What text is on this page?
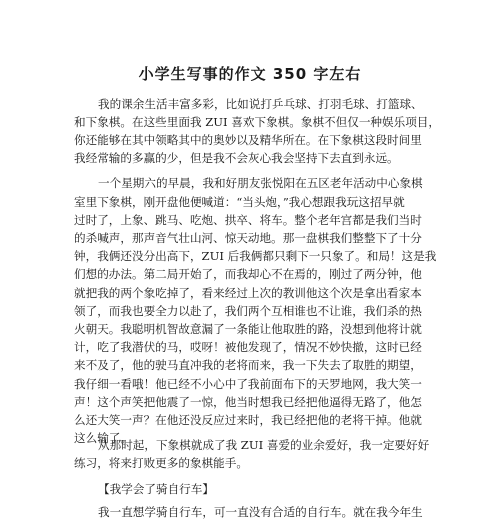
小学生写事的作文 350 字左右
我的课余生活丰富多彩，比如说打乒乓球、打羽毛球、打篮球、
和下象棋。在这些里面我 ZUI 喜欢下象棋。象棋不但仅一种娱乐项目，
你还能够在其中领略其中的奥妙以及精华所在。在下象棋这段时间里
我经常输的多赢的少，但是我不会灰心我会坚持下去直到永远。
一个星期六的早晨，我和好朋友张悦阳在五区老年活动中心象棋
室里下象棋，刚开盘他便喊道：“当头炮，”我心想跟我玩这招早就
过时了，上象、跳马、吃炮、拱卒、将车。整个老年宫都是我们当时
的杀喊声，那声音气壮山河、惊天动地。那一盘棋我们整整下了十分
钟，我俩还没分出高下，ZUI 后我俩都只剩下一只象了。和局！这是我
们想的办法。第二局开始了，而我却心不在焉的，刚过了两分钟，他
就把我的两个象吃掉了，看来经过上次的教训他这个次是拿出看家本
领了，而我也要全力以赴了，我们两个互相谁也不让谁，我们杀的热
火朝天。我聪明机智故意漏了一条能让他取胜的路，没想到他将计就
计，吃了我潜伏的马，哎呀！被他发现了，情况不妙快撤，这时已经
来不及了，他的驶马直冲我的老将而来，我一下失去了取胜的期望，
我仔细一看哦！他已经不小心中了我前面布下的天罗地网，我大笑一
声！这个声笑把他震了一惊，他当时想我已经把他逼得无路了，他怎
么还大笑一声？在他还没反应过来时，我已经把他的老将干掉。他就
这么输了。
从那时起，下象棋就成了我 ZUI 喜爱的业余爱好，我一定要好好
练习，将来打败更多的象棋能手。
【我学会了骑自行车】
我一直想学骑自行车，可一直没有合适的自行车。就在我今年生
